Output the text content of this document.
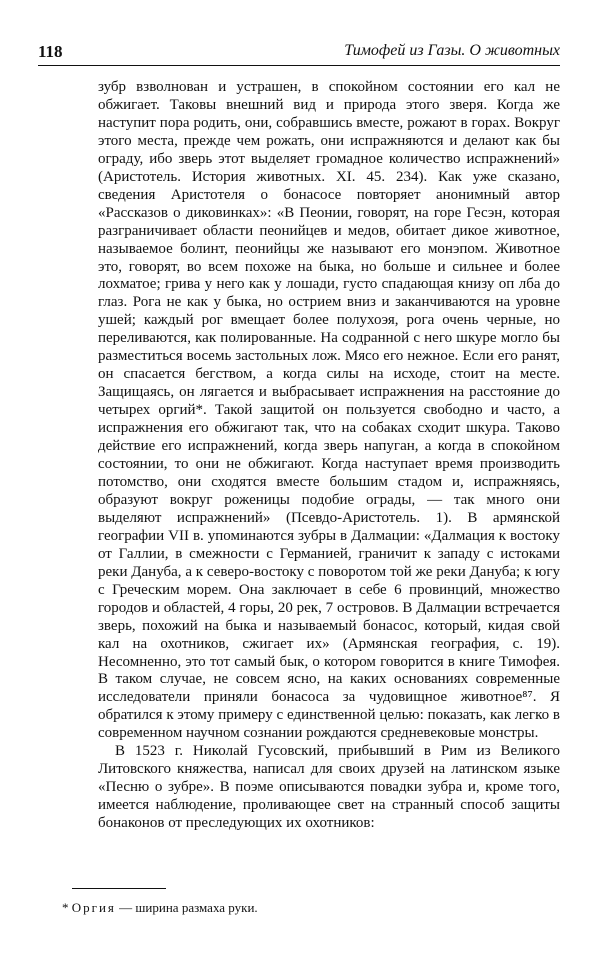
118	Тимофей из Газы. О животных

зубр взволнован и устрашен, в спокойном состоянии его кал не обжигает. Таковы внешний вид и природа этого зверя. Когда же наступит пора родить, они, собравшись вместе, рожают в горах. Вокруг этого места, прежде чем рожать, они испражняются и делают как бы ограду, ибо зверь этот выделяет громадное количество испражнений» (Аристотель. История животных. XI. 45. 234). Как уже сказано, сведения Аристотеля о бонасосе повторяет анонимный автор «Рассказов о диковинках»: «В Пеонии, говорят, на горе Гесэн, которая разграничивает области пеонийцев и медов, обитает дикое животное, называемое болинт, пеонийцы же называют его монэпом. Животное это, говорят, во всем похоже на быка, но больше и сильнее и более лохматое; грива у него как у лошади, густо спадающая книзу оп лба до глаз. Рога не как у быка, но острием вниз и заканчиваются на уровне ушей; каждый рог вмещает более полухоэя, рога очень черные, но переливаются, как полированные. На содранной с него шкуре могло бы разместиться восемь застольных лож. Мясо его нежное. Если его ранят, он спасается бегством, а когда силы на исходе, стоит на месте. Защищаясь, он лягается и выбрасывает испражнения на расстояние до четырех оргий*. Такой защитой он пользуется свободно и часто, а испражнения его обжигают так, что на собаках сходит шкура. Таково действие его испражнений, когда зверь напуган, а когда в спокойном состоянии, то они не обжигают. Когда наступает время производить потомство, они сходятся вместе большим стадом и, испражняясь, образуют вокруг роженицы подобие ограды, — так много они выделяют испражнений» (Псевдо-Аристотель. 1). В армянской географии VII в. упоминаются зубры в Далмации: «Далмация к востоку от Галлии, в смежности с Германией, граничит к западу с истоками реки Дануба, а к северо-востоку с поворотом той же реки Дануба; к югу с Греческим морем. Она заключает в себе 6 провинций, множество городов и областей, 4 горы, 20 рек, 7 островов. В Далмации встречается зверь, похожий на быка и называемый бонасос, который, кидая свой кал на охотников, сжигает их» (Армянская география, с. 19). Несомненно, это тот самый бык, о котором говорится в книге Тимофея. В таком случае, не совсем ясно, на каких основаниях современные исследователи приняли бонасоса за чудовищное животное⁸⁷. Я обратился к этому примеру с единственной целью: показать, как легко в современном научном сознании рождаются средневековые монстры.

В 1523 г. Николай Гусовский, прибывший в Рим из Великого Литовского княжества, написал для своих друзей на латинском языке «Песню о зубре». В поэме описываются повадки зубра и, кроме того, имеется наблюдение, проливающее свет на странный способ защиты бонаконов от преследующих их охотников:

* Оргия — ширина размаха руки.
